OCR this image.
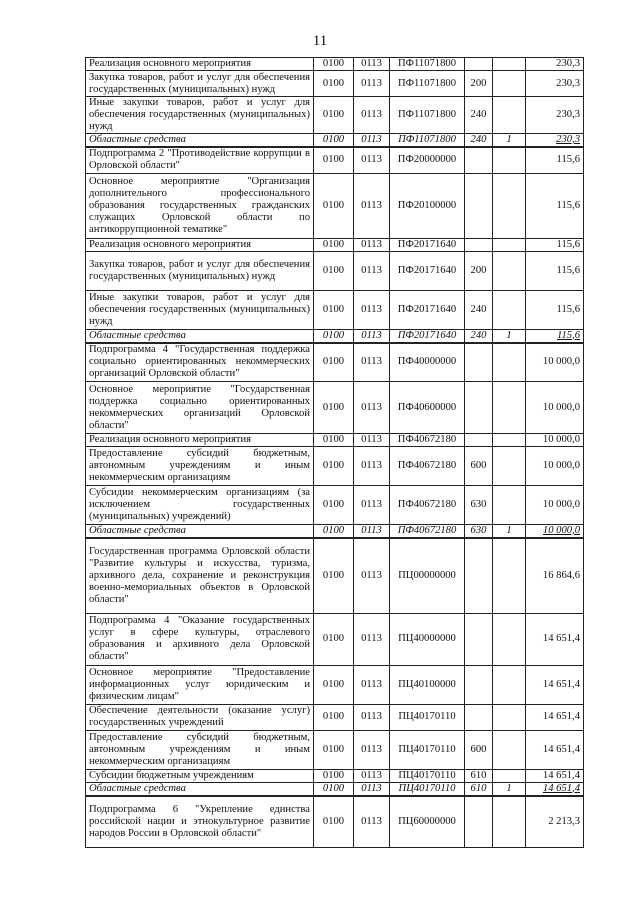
11
Реализация основного мероприятия	0100	0113	ПФ11071800			230,3
Закупка товаров, работ и услуг для обеспечения государственных (муниципальных) нужд	0100	0113	ПФ11071800	200		230,3
Иные закупки товаров, работ и услуг для обеспечения государственных (муниципальных) нужд	0100	0113	ПФ11071800	240		230,3
Областные средства	0100	0113	ПФ11071800	240	1	230,3
Подпрограмма 2 "Противодействие коррупции в Орловской области"	0100	0113	ПФ20000000			115,6
Основное мероприятие "Организация дополнительного профессионального образования государственных гражданских служащих Орловской области по антикоррупционной тематике"	0100	0113	ПФ20100000			115,6
Реализация основного мероприятия	0100	0113	ПФ20171640			115,6
Закупка товаров, работ и услуг для обеспечения государственных (муниципальных) нужд	0100	0113	ПФ20171640	200		115,6
Иные закупки товаров, работ и услуг для обеспечения государственных (муниципальных) нужд	0100	0113	ПФ20171640	240		115,6
Областные средства	0100	0113	ПФ20171640	240	1	115,6
Подпрограмма 4 "Государственная поддержка социально ориентированных некоммерческих организаций Орловской области"	0100	0113	ПФ40000000			10 000,0
Основное мероприятие "Государственная поддержка социально ориентированных некоммерческих организаций Орловской области"	0100	0113	ПФ40600000			10 000,0
Реализация основного мероприятия	0100	0113	ПФ40672180			10 000,0
Предоставление субсидий бюджетным, автономным учреждениям и иным некоммерческим организациям	0100	0113	ПФ40672180	600		10 000,0
Субсидии некоммерческим организациям (за исключением государственных (муниципальных) учреждений)	0100	0113	ПФ40672180	630		10 000,0
Областные средства	0100	0113	ПФ40672180	630	1	10 000,0
Государственная программа Орловской области "Развитие культуры и искусства, туризма, архивного дела, сохранение и реконструкция военно-мемориальных объектов в Орловской области"	0100	0113	ПЦ00000000			16 864,6
Подпрограмма 4 "Оказание государственных услуг в сфере культуры, отраслевого образования и архивного дела Орловской области"	0100	0113	ПЦ40000000			14 651,4
Основное мероприятие "Предоставление информационных услуг юридическим и физическим лицам"	0100	0113	ПЦ40100000			14 651,4
Обеспечение деятельности (оказание услуг) государственных учреждений	0100	0113	ПЦ40170110			14 651,4
Предоставление субсидий бюджетным, автономным учреждениям и иным некоммерческим организациям	0100	0113	ПЦ40170110	600		14 651,4
Субсидии бюджетным учреждениям	0100	0113	ПЦ40170110	610		14 651,4
Областные средства	0100	0113	ПЦ40170110	610	1	14 651,4
Подпрограмма 6 "Укрепление единства российской нации и этнокультурное развитие народов России в Орловской области"	0100	0113	ПЦ60000000			2 213,3
